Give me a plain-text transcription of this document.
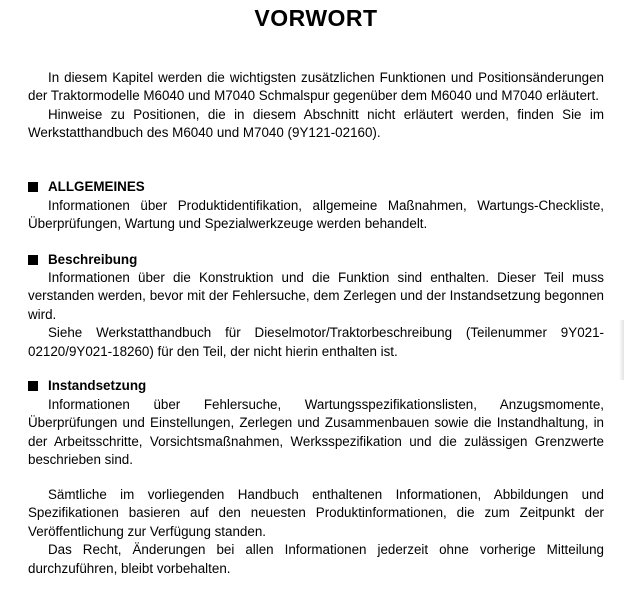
VORWORT

In diesem Kapitel werden die wichtigsten zusätzlichen Funktionen und Positionsänderungen der Traktormodelle M6040 und M7040 Schmalspur gegenüber dem M6040 und M7040 erläutert.

Hinweise zu Positionen, die in diesem Abschnitt nicht erläutert werden, finden Sie im Werkstatthandbuch des M6040 und M7040 (9Y121-02160).

ALLGEMEINES

Informationen über Produktidentifikation, allgemeine Maßnahmen, Wartungs-Checkliste, Überprüfungen, Wartung und Spezialwerkzeuge werden behandelt.

Beschreibung

Informationen über die Konstruktion und die Funktion sind enthalten. Dieser Teil muss verstanden werden, bevor mit der Fehlersuche, dem Zerlegen und der Instandsetzung begonnen wird.

Siehe Werkstatthandbuch für Dieselmotor/Traktorbeschreibung (Teilenummer 9Y021-02120/9Y021-18260) für den Teil, der nicht hierin enthalten ist.

Instandsetzung

Informationen über Fehlersuche, Wartungsspezifikationslisten, Anzugsmomente, Überprüfungen und Einstellungen, Zerlegen und Zusammenbauen sowie die Instandhaltung, in der Arbeitsschritte, Vorsichtsmaßnahmen, Werksspezifikation und die zulässigen Grenzwerte beschrieben sind.

Sämtliche im vorliegenden Handbuch enthaltenen Informationen, Abbildungen und Spezifikationen basieren auf den neuesten Produktinformationen, die zum Zeitpunkt der Veröffentlichung zur Verfügung standen.

Das Recht, Änderungen bei allen Informationen jederzeit ohne vorherige Mitteilung durchzuführen, bleibt vorbehalten.
